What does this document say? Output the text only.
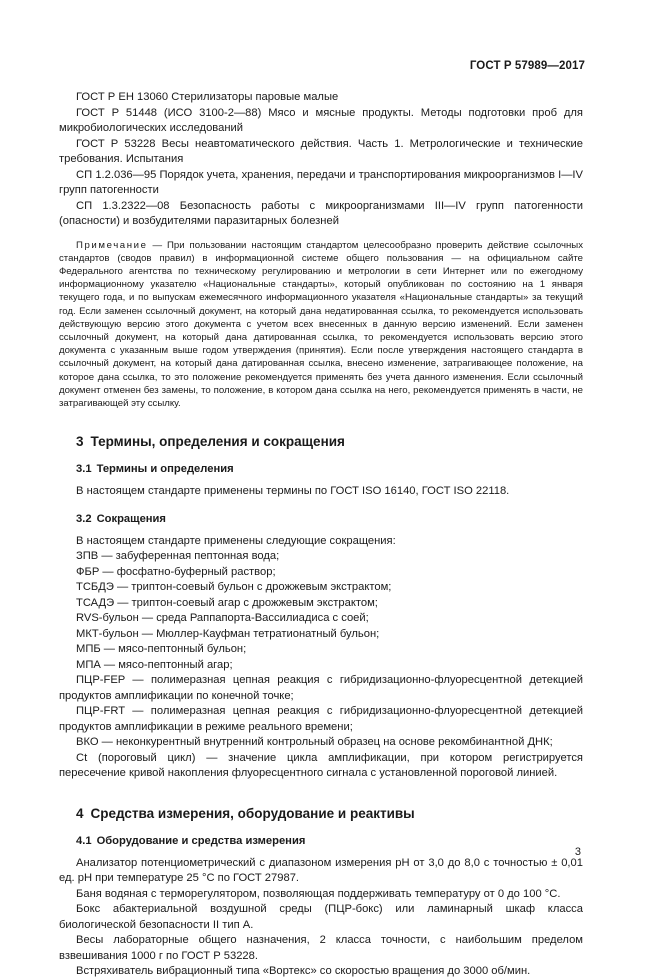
ГОСТ Р 57989—2017

ГОСТ Р ЕН 13060 Стерилизаторы паровые малые

ГОСТ Р 51448 (ИСО 3100-2—88) Мясо и мясные продукты. Методы подготовки проб для микробиологических исследований

ГОСТ Р 53228 Весы неавтоматического действия. Часть 1. Метрологические и технические требования. Испытания

СП 1.2.036—95 Порядок учета, хранения, передачи и транспортирования микроорганизмов I—IV групп патогенности

СП 1.3.2322—08 Безопасность работы с микроорганизмами III—IV групп патогенности (опасности) и возбудителями паразитарных болезней

Примечание — При пользовании настоящим стандартом целесообразно проверить действие ссылочных стандартов (сводов правил) в информационной системе общего пользования — на официальном сайте Федерального агентства по техническому регулированию и метрологии в сети Интернет или по ежегодному информационному указателю «Национальные стандарты», который опубликован по состоянию на 1 января текущего года, и по выпускам ежемесячного информационного указателя «Национальные стандарты» за текущий год. Если заменен ссылочный документ, на который дана недатированная ссылка, то рекомендуется использовать действующую версию этого документа с учетом всех внесенных в данную версию изменений. Если заменен ссылочный документ, на который дана датированная ссылка, то рекомендуется использовать версию этого документа с указанным выше годом утверждения (принятия). Если после утверждения настоящего стандарта в ссылочный документ, на который дана датированная ссылка, внесено изменение, затрагивающее положение, на которое дана ссылка, то это положение рекомендуется применять без учета данного изменения. Если ссылочный документ отменен без замены, то положение, в котором дана ссылка на него, рекомендуется применять в части, не затрагивающей эту ссылку.

3 Термины, определения и сокращения
3.1 Термины и определения

В настоящем стандарте применены термины по ГОСТ ISO 16140, ГОСТ ISO 22118.

3.2 Сокращения

В настоящем стандарте применены следующие сокращения:

ЗПВ — забуференная пептонная вода;

ФБР — фосфатно-буферный раствор;

ТСБДЭ — триптон-соевый бульон с дрожжевым экстрактом;

ТСАДЭ — триптон-соевый агар с дрожжевым экстрактом;

RVS-бульон — среда Раппапорта-Вассилиадиса с соей;

МКТ-бульон — Мюллер-Кауфман тетратионатный бульон;

МПБ — мясо-пептонный бульон;

МПА — мясо-пептонный агар;

ПЦР-FEP — полимеразная цепная реакция с гибридизационно-флуоресцентной детекцией продуктов амплификации по конечной точке;

ПЦР-FRT — полимеразная цепная реакция с гибридизационно-флуоресцентной детекцией продуктов амплификации в режиме реального времени;

ВКО — неконкурентный внутренний контрольный образец на основе рекомбинантной ДНК;

Ct (пороговый цикл) — значение цикла амплификации, при котором регистрируется пересечение кривой накопления флуоресцентного сигнала с установленной пороговой линией.

4 Средства измерения, оборудование и реактивы
4.1 Оборудование и средства измерения

Анализатор потенциометрический с диапазоном измерения pH от 3,0 до 8,0 с точностью ± 0,01 ед. pH при температуре 25 °С по ГОСТ 27987.

Баня водяная с терморегулятором, позволяющая поддерживать температуру от 0 до 100 °С.

Бокс абактериальной воздушной среды (ПЦР-бокс) или ламинарный шкаф класса биологической безопасности II тип А.

Весы лабораторные общего назначения, 2 класса точности, с наибольшим пределом взвешивания 1000 г по ГОСТ Р 53228.

Встряхиватель вибрационный типа «Вортекс» со скоростью вращения до 3000 об/мин.

3
